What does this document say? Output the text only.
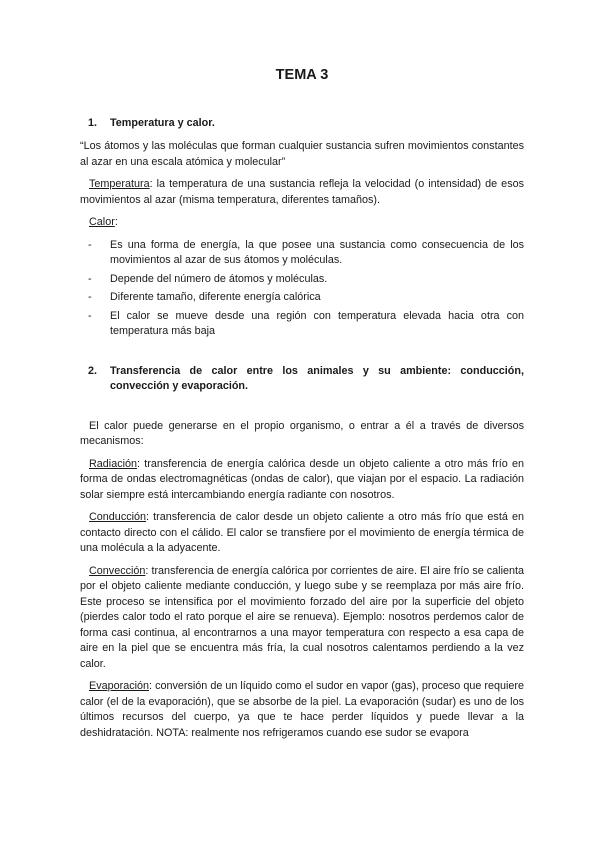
TEMA 3
1.	Temperatura y calor.

“Los átomos y las moléculas que forman cualquier sustancia sufren movimientos constantes al azar en una escala atómica y molecular”

Temperatura: la temperatura de una sustancia refleja la velocidad (o intensidad) de esos movimientos al azar (misma temperatura, diferentes tamaños).

Calor:

-	Es una forma de energía, la que posee una sustancia como consecuencia de los movimientos al azar de sus átomos y moléculas.
-	Depende del número de átomos y moléculas.
-	Diferente tamaño, diferente energía calórica
-	El calor se mueve desde una región con temperatura elevada hacia otra con temperatura más baja
2.	Transferencia de calor entre los animales y su ambiente: conducción, convección y evaporación.

El calor puede generarse en el propio organismo, o entrar a él a través de diversos mecanismos:

Radiación: transferencia de energía calórica desde un objeto caliente a otro más frío en forma de ondas electromagnéticas (ondas de calor), que viajan por el espacio. La radiación solar siempre está intercambiando energía radiante con nosotros.

Conducción: transferencia de calor desde un objeto caliente a otro más frío que está en contacto directo con el cálido. El calor se transfiere por el movimiento de energía térmica de una molécula a la adyacente.

Convección: transferencia de energía calórica por corrientes de aire. El aire frío se calienta por el objeto caliente mediante conducción, y luego sube y se reemplaza por más aire frío. Este proceso se intensifica por el movimiento forzado del aire por la superficie del objeto (pierdes calor todo el rato porque el aire se renueva). Ejemplo: nosotros perdemos calor de forma casi continua, al encontrarnos a una mayor temperatura con respecto a esa capa de aire en la piel que se encuentra más fría, la cual nosotros calentamos perdiendo a la vez calor.

Evaporación: conversión de un líquido como el sudor en vapor (gas), proceso que requiere calor (el de la evaporación), que se absorbe de la piel. La evaporación (sudar) es uno de los últimos recursos del cuerpo, ya que te hace perder líquidos y puede llevar a la deshidratación. NOTA: realmente nos refrigeramos cuando ese sudor se evapora
